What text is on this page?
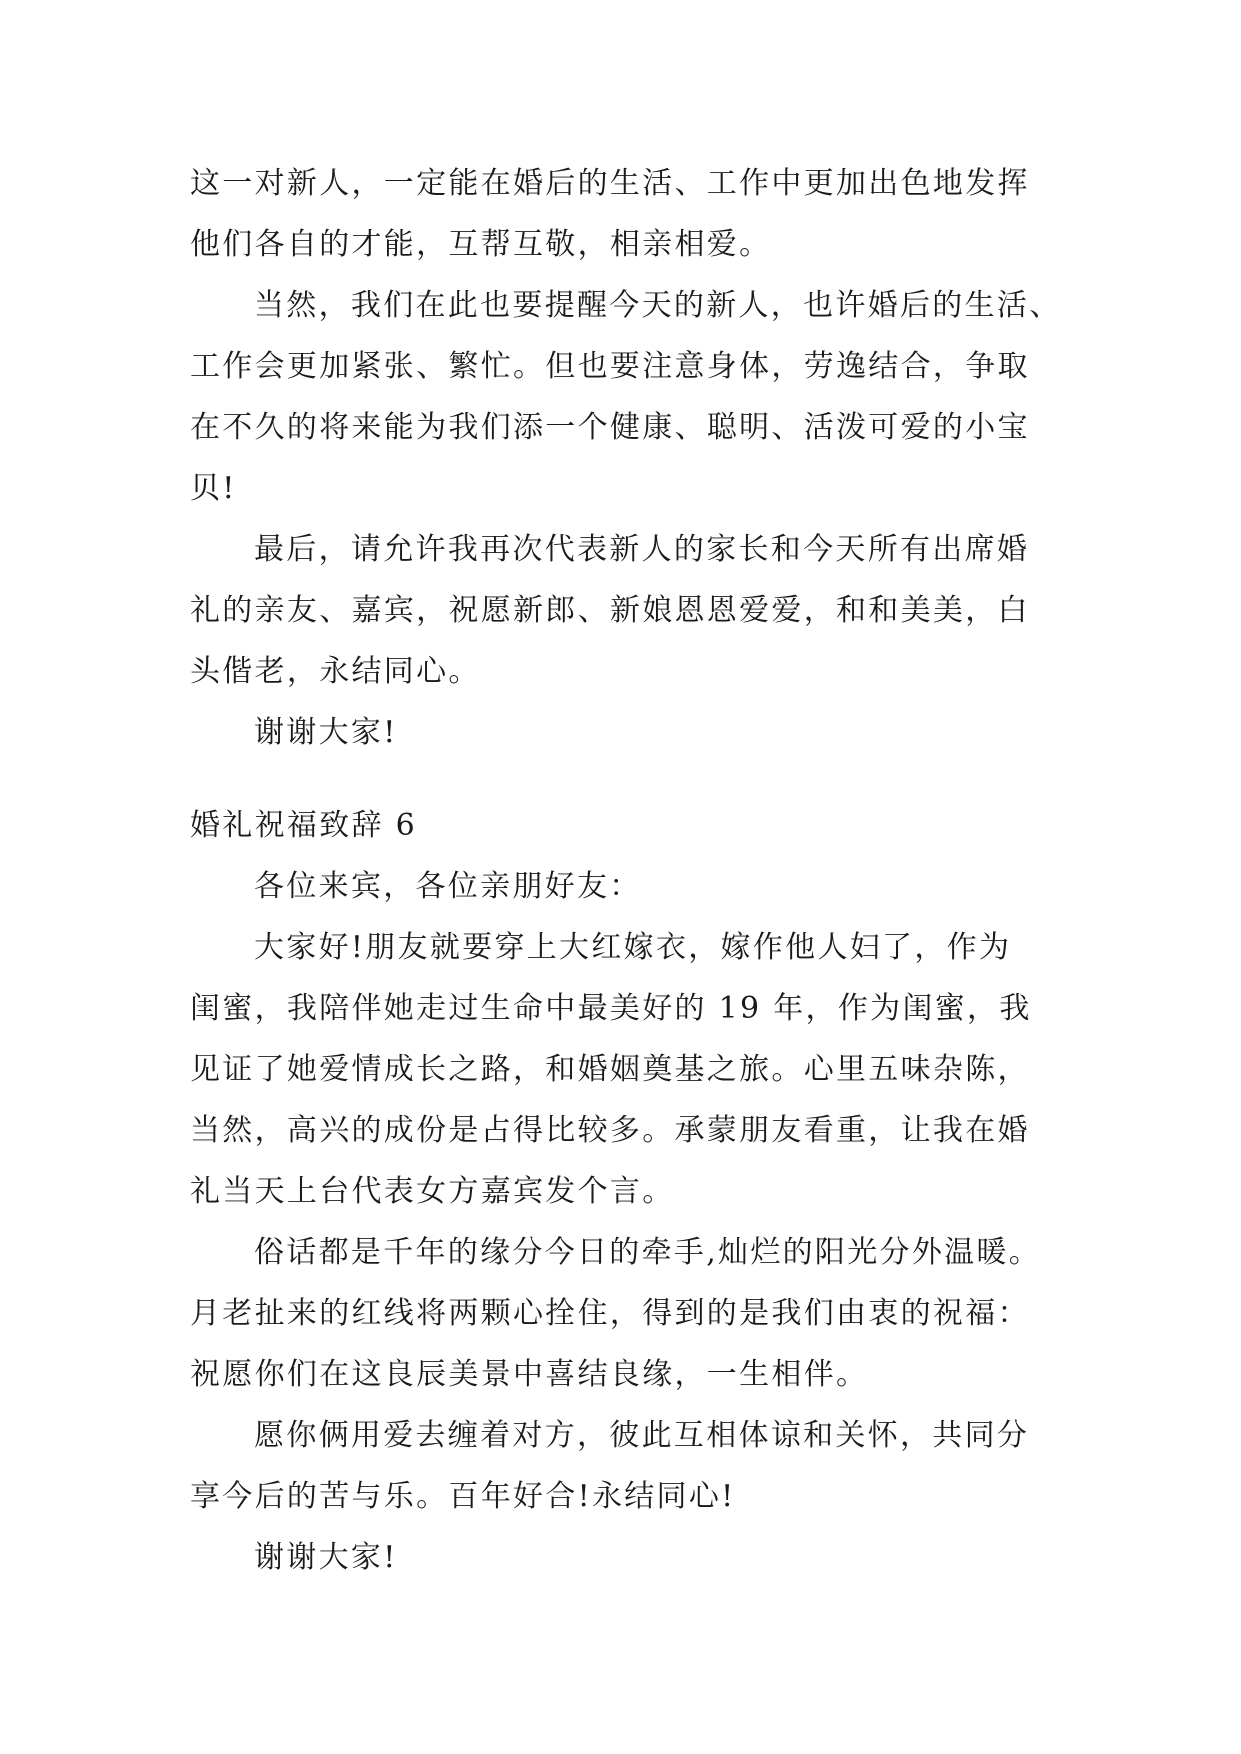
这一对新人，一定能在婚后的生活、工作中更加出色地发挥
他们各自的才能，互帮互敬，相亲相爱。
当然，我们在此也要提醒今天的新人，也许婚后的生活、
工作会更加紧张、繁忙。但也要注意身体，劳逸结合，争取
在不久的将来能为我们添一个健康、聪明、活泼可爱的小宝
贝!
最后，请允许我再次代表新人的家长和今天所有出席婚
礼的亲友、嘉宾，祝愿新郎、新娘恩恩爱爱，和和美美，白
头偕老，永结同心。
谢谢大家!
婚礼祝福致辞 6
各位来宾，各位亲朋好友：
大家好!朋友就要穿上大红嫁衣，嫁作他人妇了，作为
闺蜜，我陪伴她走过生命中最美好的 19 年，作为闺蜜，我
见证了她爱情成长之路，和婚姻奠基之旅。心里五味杂陈，
当然，高兴的成份是占得比较多。承蒙朋友看重，让我在婚
礼当天上台代表女方嘉宾发个言。
俗话都是千年的缘分今日的牵手,灿烂的阳光分外温暖。
月老扯来的红线将两颗心拴住，得到的是我们由衷的祝福：
祝愿你们在这良辰美景中喜结良缘，一生相伴。
愿你俩用爱去缠着对方，彼此互相体谅和关怀，共同分
享今后的苦与乐。百年好合!永结同心!
谢谢大家!
